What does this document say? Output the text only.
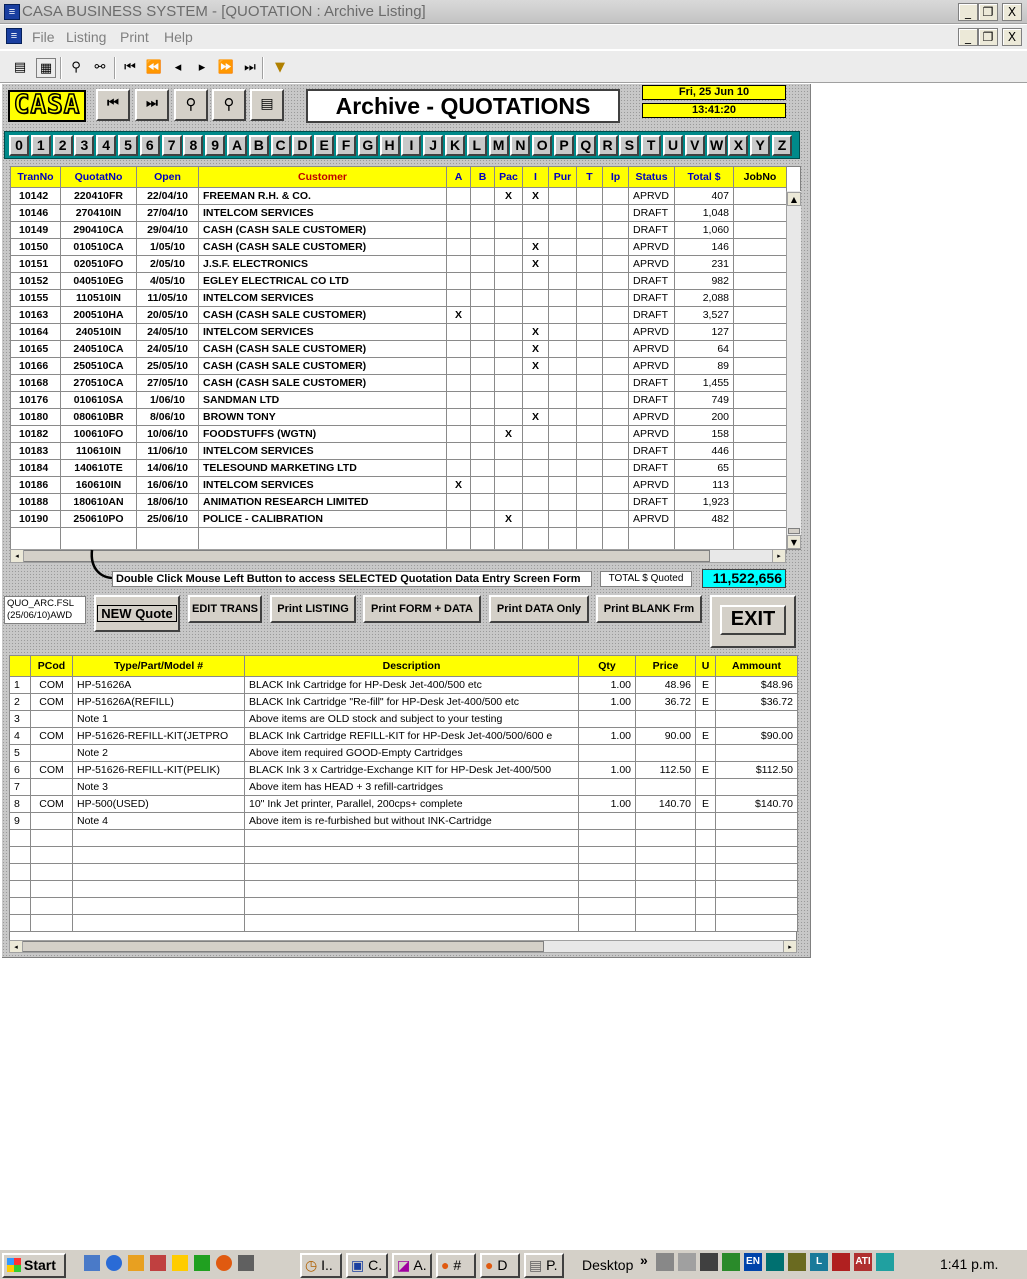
≡ CASA BUSINESS SYSTEM - [QUOTATION : Archive Listing]	_ ❐	X
≡	File Listing Print Help	_ ❐	X
▤ ▦	⚲	⚯	⏮ ⏪ ◂	▸ ⏩ ⏭	▼
CASA	⏮	⏭	⚲	⚲	▤	Archive - QUOTATIONS
Fri, 25 Jun 10
13:41:20
0	1	2	3	4	5	6	7	8	9 A B C D E F G H	I	J K L M N O P Q R S T U V W X Y Z
TranNo	QuotatNo	Open	Customer	A	B	Pac	I	Pur	T	Ip	Status	Total $	JobNo
10142	220410FR	22/04/10	FREEMAN R.H. & CO.			X	X				APRVD	407	
10146	270410IN	27/04/10	INTELCOM SERVICES								DRAFT	1,048	
10149	290410CA	29/04/10	CASH (CASH SALE CUSTOMER)								DRAFT	1,060	
10150	010510CA	1/05/10	CASH (CASH SALE CUSTOMER)				X				APRVD	146	
10151	020510FO	2/05/10	J.S.F. ELECTRONICS				X				APRVD	231	
10152	040510EG	4/05/10	EGLEY ELECTRICAL CO LTD								DRAFT	982	
10155	110510IN	11/05/10	INTELCOM SERVICES								DRAFT	2,088	
10163	200510HA	20/05/10	CASH (CASH SALE CUSTOMER)	X							DRAFT	3,527	
10164	240510IN	24/05/10	INTELCOM SERVICES				X				APRVD	127	
10165	240510CA	24/05/10	CASH (CASH SALE CUSTOMER)				X				APRVD	64	
10166	250510CA	25/05/10	CASH (CASH SALE CUSTOMER)				X				APRVD	89	
10168	270510CA	27/05/10	CASH (CASH SALE CUSTOMER)								DRAFT	1,455	
10176	010610SA	1/06/10	SANDMAN LTD								DRAFT	749	
10180	080610BR	8/06/10	BROWN TONY				X				APRVD	200	
10182	100610FO	10/06/10	FOODSTUFFS (WGTN)			X					APRVD	158	
10183	110610IN	11/06/10	INTELCOM SERVICES								DRAFT	446	
10184	140610TE	14/06/10	TELESOUND MARKETING LTD								DRAFT	65	
10186	160610IN	16/06/10	INTELCOM SERVICES	X							APRVD	113	
10188	180610AN	18/06/10	ANIMATION RESEARCH LIMITED								DRAFT	1,923	
10190	250610PO	25/06/10	POLICE - CALIBRATION			X					APRVD	482	

▲
▼
◂	▸
Double Click Mouse Left Button to access SELECTED Quotation Data Entry Screen Form	TOTAL $ Quoted	11,522,656
QUO_ARC.FSL
(25/06/10)AWD	NEW Quote	EDIT TRANS	Print LISTING	Print FORM + DATA	Print DATA Only	Print BLANK Frm	EXIT
	PCod	Type/Part/Model #	Description	Qty	Price	U	Ammount
1	COM	HP-51626A	BLACK Ink Cartridge for HP-Desk Jet-400/500 etc	1.00	48.96	E	$48.96
2	COM	HP-51626A(REFILL)	BLACK Ink Cartridge "Re-fill" for HP-Desk Jet-400/500 etc	1.00	36.72	E	$36.72
3		Note 1	Above items are OLD stock and subject to your testing				
4	COM	HP-51626-REFILL-KIT(JETPRO	BLACK Ink Cartridge REFILL-KIT for HP-Desk Jet-400/500/600 e	1.00	90.00	E	$90.00
5		Note 2	Above item required GOOD-Empty Cartridges				
6	COM	HP-51626-REFILL-KIT(PELIK)	BLACK Ink 3 x Cartridge-Exchange KIT for HP-Desk Jet-400/500	1.00	112.50	E	$112.50
7		Note 3	Above item has HEAD + 3 refill-cartridges				
8	COM	HP-500(USED)	10" Ink Jet printer, Parallel, 200cps+ complete	1.00	140.70	E	$140.70
9		Note 4	Above item is re-furbished but without INK-Cartridge				

◂	▸
Start	◷ I..	▣ C.	◪ A.	● #	● D	▤ P.	Desktop »	EN	L	ATI	1:41 p.m.
